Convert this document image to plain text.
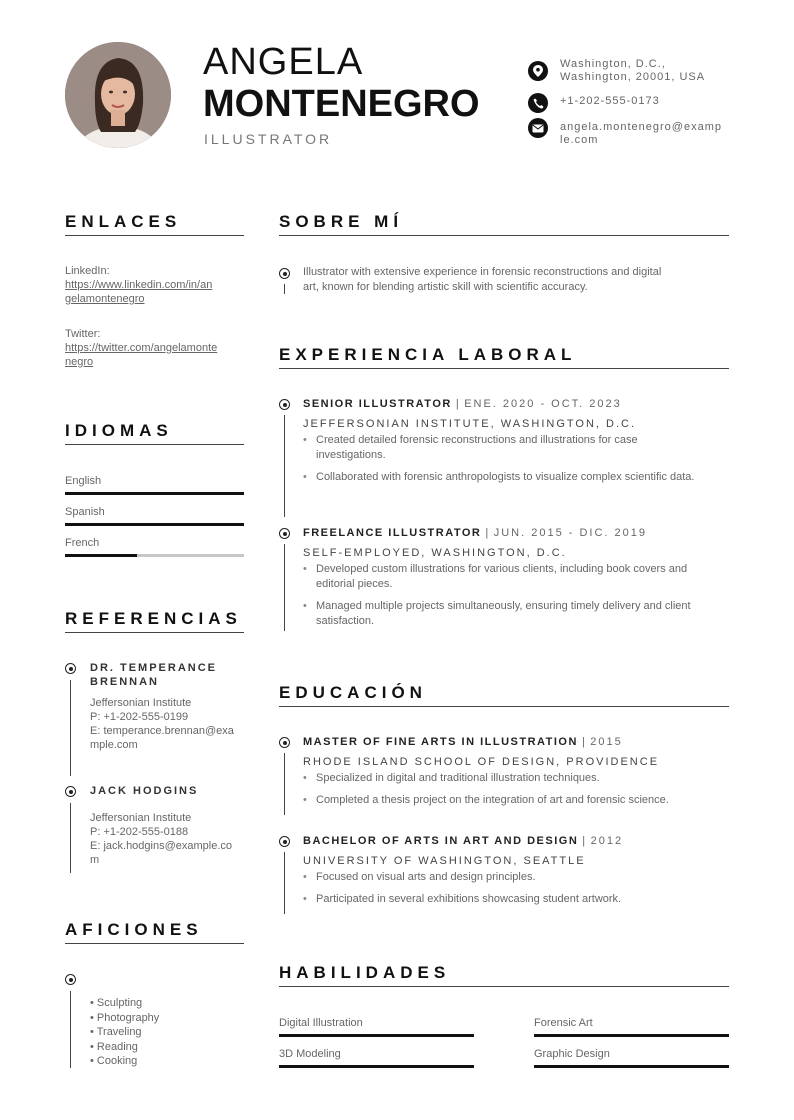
ANGELA
MONTENEGRO
ILLUSTRATOR
Washington, D.C.,
Washington, 20001, USA
+1-202-555-0173
angela.montenegro@examp
le.com
ENLACES
LinkedIn:
https://www.linkedin.com/in/an
gelamontenegro
Twitter:
https://twitter.com/angelamonte
negro
IDIOMAS
English
Spanish
French
REFERENCIAS
DR. TEMPERANCE
BRENNAN
Jeffersonian Institute
P: +1-202-555-0199
E: temperance.brennan@exa
mple.com
JACK HODGINS
Jeffersonian Institute
P: +1-202-555-0188
E: jack.hodgins@example.co
m
AFICIONES
• Sculpting
• Photography
• Traveling
• Reading
• Cooking
SOBRE MÍ
Illustrator with extensive experience in forensic reconstructions and digital
art, known for blending artistic skill with scientific accuracy.
EXPERIENCIA LABORAL
SENIOR ILLUSTRATOR | ENE. 2020 - OCT. 2023
JEFFERSONIAN INSTITUTE, WASHINGTON, D.C.
• Created detailed forensic reconstructions and illustrations for case investigations.
• Collaborated with forensic anthropologists to visualize complex scientific data.
FREELANCE ILLUSTRATOR | JUN. 2015 - DIC. 2019
SELF-EMPLOYED, WASHINGTON, D.C.
• Developed custom illustrations for various clients, including book covers and editorial pieces.
• Managed multiple projects simultaneously, ensuring timely delivery and client satisfaction.
EDUCACIÓN
MASTER OF FINE ARTS IN ILLUSTRATION | 2015
RHODE ISLAND SCHOOL OF DESIGN, PROVIDENCE
• Specialized in digital and traditional illustration techniques.
• Completed a thesis project on the integration of art and forensic science.
BACHELOR OF ARTS IN ART AND DESIGN | 2012
UNIVERSITY OF WASHINGTON, SEATTLE
• Focused on visual arts and design principles.
• Participated in several exhibitions showcasing student artwork.
HABILIDADES
Digital Illustration	Forensic Art
3D Modeling	Graphic Design
